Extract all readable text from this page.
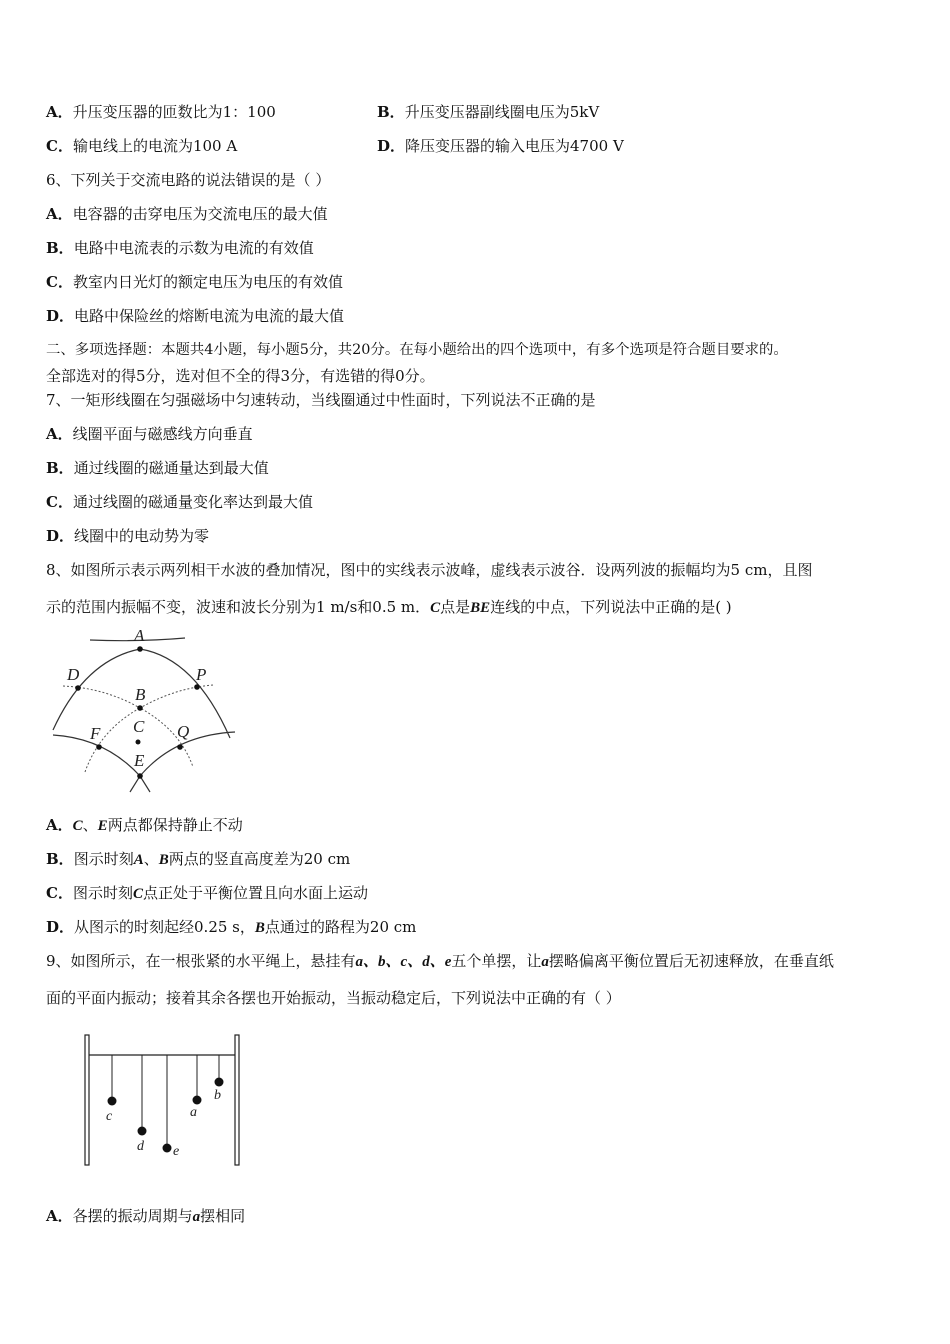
A．升压变压器的匝数比为1：100	B．升压变压器副线圈电压为5kV
C．输电线上的电流为100 A	D．降压变压器的输入电压为4700 V
6、下列关于交流电路的说法错误的是（ ）
A．电容器的击穿电压为交流电压的最大值
B．电路中电流表的示数为电流的有效值
C．教室内日光灯的额定电压为电压的有效值
D．电路中保险丝的熔断电流为电流的最大值
二、多项选择题：本题共4小题，每小题5分，共20分。在每小题给出的四个选项中，有多个选项是符合题目要求的。
全部选对的得5分，选对但不全的得3分，有选错的得0分。
7、一矩形线圈在匀强磁场中匀速转动，当线圈通过中性面时，下列说法不正确的是
A．线圈平面与磁感线方向垂直
B．通过线圈的磁通量达到最大值
C．通过线圈的磁通量变化率达到最大值
D．线圈中的电动势为零
8、如图所示表示两列相干水波的叠加情况，图中的实线表示波峰，虚线表示波谷．设两列波的振幅均为5 cm，且图
示的范围内振幅不变，波速和波长分别为1 m/s和0.5 m．C点是BE连线的中点，下列说法中正确的是( )
A
D	P
B
C
F	Q
E
A．C、E两点都保持静止不动
B．图示时刻A、B两点的竖直高度差为20 cm
C．图示时刻C点正处于平衡位置且向水面上运动
D．从图示的时刻起经0.25 s，B点通过的路程为20 cm
9、如图所示，在一根张紧的水平绳上，悬挂有a、b、c、d、e五个单摆，让a摆略偏离平衡位置后无初速释放，在垂直纸
面的平面内振动；接着其余各摆也开始振动，当振动稳定后，下列说法中正确的有（ ）
c
d e
a
b
A．各摆的振动周期与a摆相同
